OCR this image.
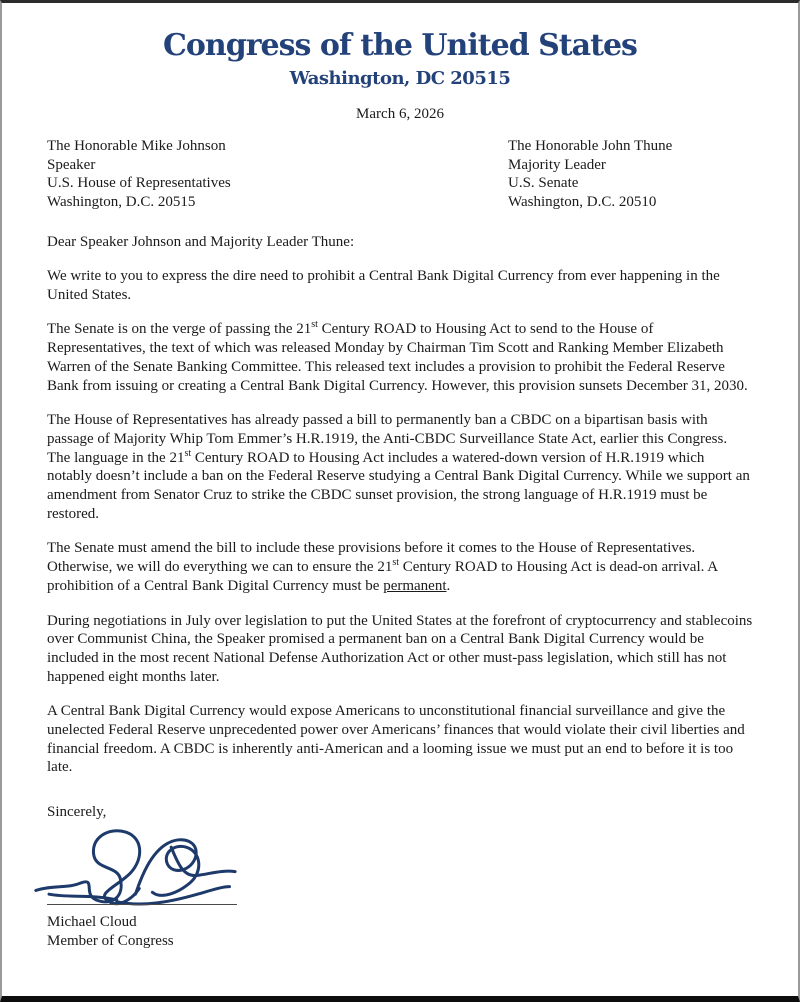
Congress of the United States
Washington, DC 20515
March 6, 2026
The Honorable Mike Johnson
Speaker
U.S. House of Representatives
Washington, D.C. 20515
The Honorable John Thune
Majority Leader
U.S. Senate
Washington, D.C. 20510
Dear Speaker Johnson and Majority Leader Thune:

We write to you to express the dire need to prohibit a Central Bank Digital Currency from ever happening in the United States.

The Senate is on the verge of passing the 21st Century ROAD to Housing Act to send to the House of Representatives, the text of which was released Monday by Chairman Tim Scott and Ranking Member Elizabeth Warren of the Senate Banking Committee. This released text includes a provision to prohibit the Federal Reserve Bank from issuing or creating a Central Bank Digital Currency. However, this provision sunsets December 31, 2030.

The House of Representatives has already passed a bill to permanently ban a CBDC on a bipartisan basis with passage of Majority Whip Tom Emmer’s H.R.1919, the Anti-CBDC Surveillance State Act, earlier this Congress. The language in the 21st Century ROAD to Housing Act includes a watered-down version of H.R.1919 which notably doesn’t include a ban on the Federal Reserve studying a Central Bank Digital Currency. While we support an amendment from Senator Cruz to strike the CBDC sunset provision, the strong language of H.R.1919 must be restored.

The Senate must amend the bill to include these provisions before it comes to the House of Representatives. Otherwise, we will do everything we can to ensure the 21st Century ROAD to Housing Act is dead-on arrival. A prohibition of a Central Bank Digital Currency must be permanent.

During negotiations in July over legislation to put the United States at the forefront of cryptocurrency and stablecoins over Communist China, the Speaker promised a permanent ban on a Central Bank Digital Currency would be included in the most recent National Defense Authorization Act or other must-pass legislation, which still has not happened eight months later.

A Central Bank Digital Currency would expose Americans to unconstitutional financial surveillance and give the unelected Federal Reserve unprecedented power over Americans’ finances that would violate their civil liberties and financial freedom. A CBDC is inherently anti-American and a looming issue we must put an end to before it is too late.

Sincerely,
Michael Cloud
Member of Congress
